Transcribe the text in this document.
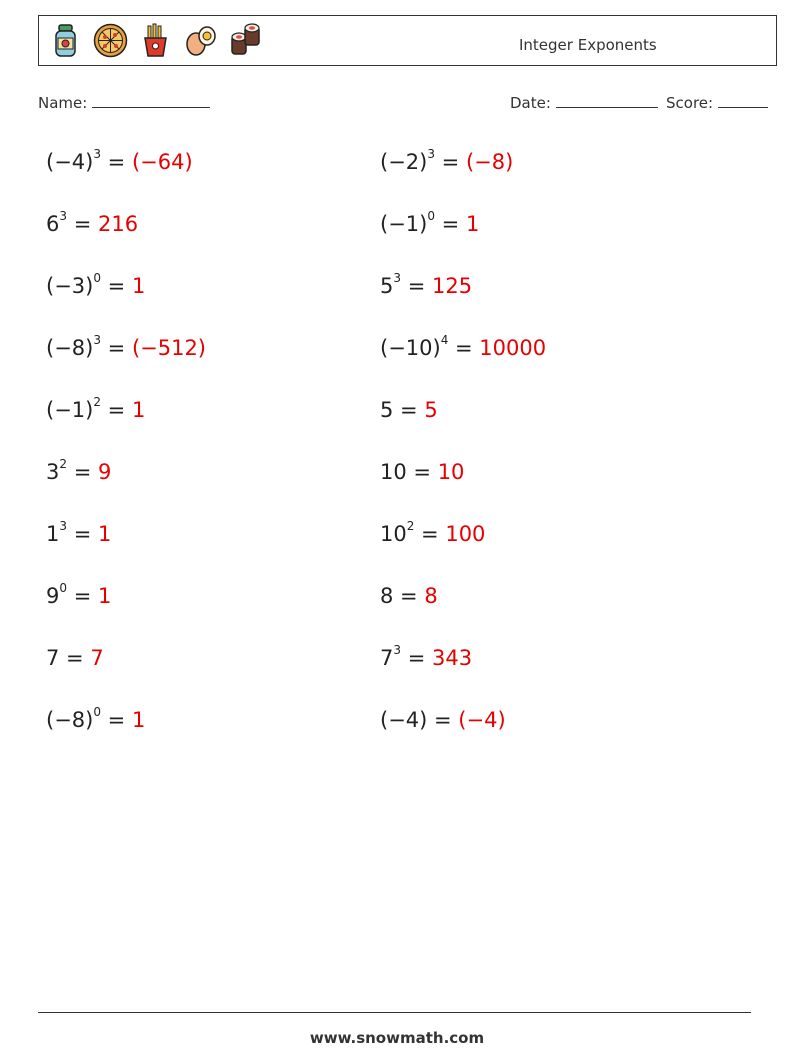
Integer Exponents
Name:	Date:	Score:
$(-4)^3 = (-64)$	$(-2)^3 = (-8)$
$6^3 = 216$	$(-1)^0 = 1$
$(-3)^0 = 1$	$5^3 = 125$
$(-8)^3 = (-512)$	$(-10)^4 = 10000$
$(-1)^2 = 1$	5 = 5
$3^2 = 9$	10 = 10
$1^3 = 1$	$10^2 = 100$
$9^0 = 1$	8 = 8
7 = 7	$7^3 = 343$
$(-8)^0 = 1$	(−4) = (−4)
www.snowmath.com
